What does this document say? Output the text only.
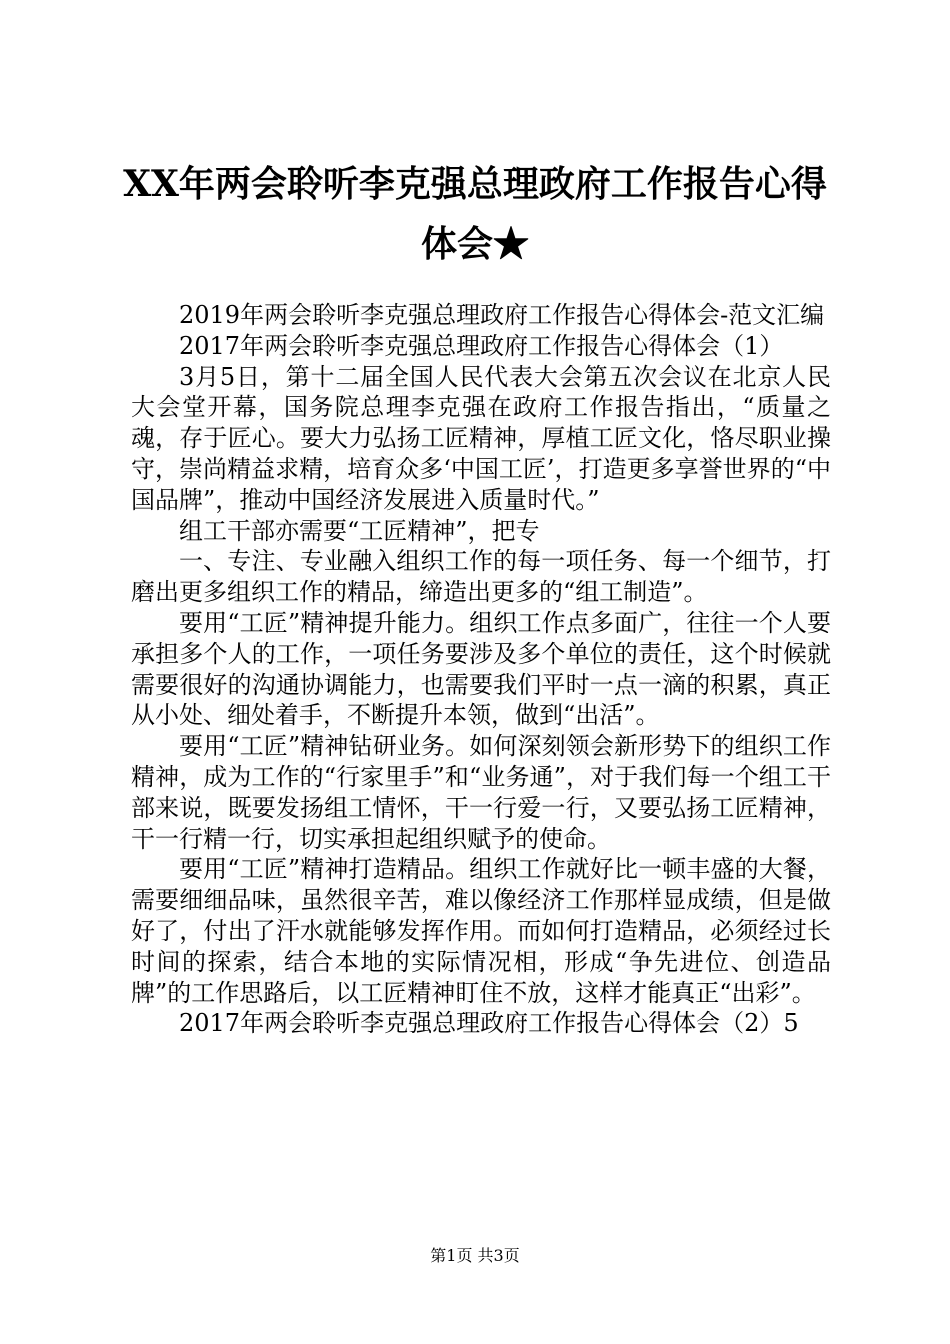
XX年两会聆听李克强总理政府工作报告心得
体会★

2019年两会聆听李克强总理政府工作报告心得体会-范文汇编

2017年两会聆听李克强总理政府工作报告心得体会（1）

3月5日，第十二届全国人民代表大会第五次会议在北京人民大会堂开幕，国务院总理李克强在政府工作报告指出，“质量之魂，存于匠心。要大力弘扬工匠精神，厚植工匠文化，恪尽职业操守，崇尚精益求精，培育众多‘中国工匠’，打造更多享誉世界的“中国品牌”，推动中国经济发展进入质量时代。”

组工干部亦需要“工匠精神”，把专

一、专注、专业融入组织工作的每一项任务、每一个细节，打磨出更多组织工作的精品，缔造出更多的“组工制造”。

要用“工匠”精神提升能力。组织工作点多面广，往往一个人要承担多个人的工作，一项任务要涉及多个单位的责任，这个时候就需要很好的沟通协调能力，也需要我们平时一点一滴的积累，真正从小处、细处着手，不断提升本领，做到“出活”。

要用“工匠”精神钻研业务。如何深刻领会新形势下的组织工作精神，成为工作的“行家里手”和“业务通”，对于我们每一个组工干部来说，既要发扬组工情怀，干一行爱一行，又要弘扬工匠精神，干一行精一行，切实承担起组织赋予的使命。

要用“工匠”精神打造精品。组织工作就好比一顿丰盛的大餐，需要细细品味，虽然很辛苦，难以像经济工作那样显成绩，但是做好了，付出了汗水就能够发挥作用。而如何打造精品，必须经过长时间的探索，结合本地的实际情况相，形成“争先进位、创造品牌”的工作思路后，以工匠精神盯住不放，这样才能真正“出彩”。

2017年两会聆听李克强总理政府工作报告心得体会（2）5

第1页 共3页
